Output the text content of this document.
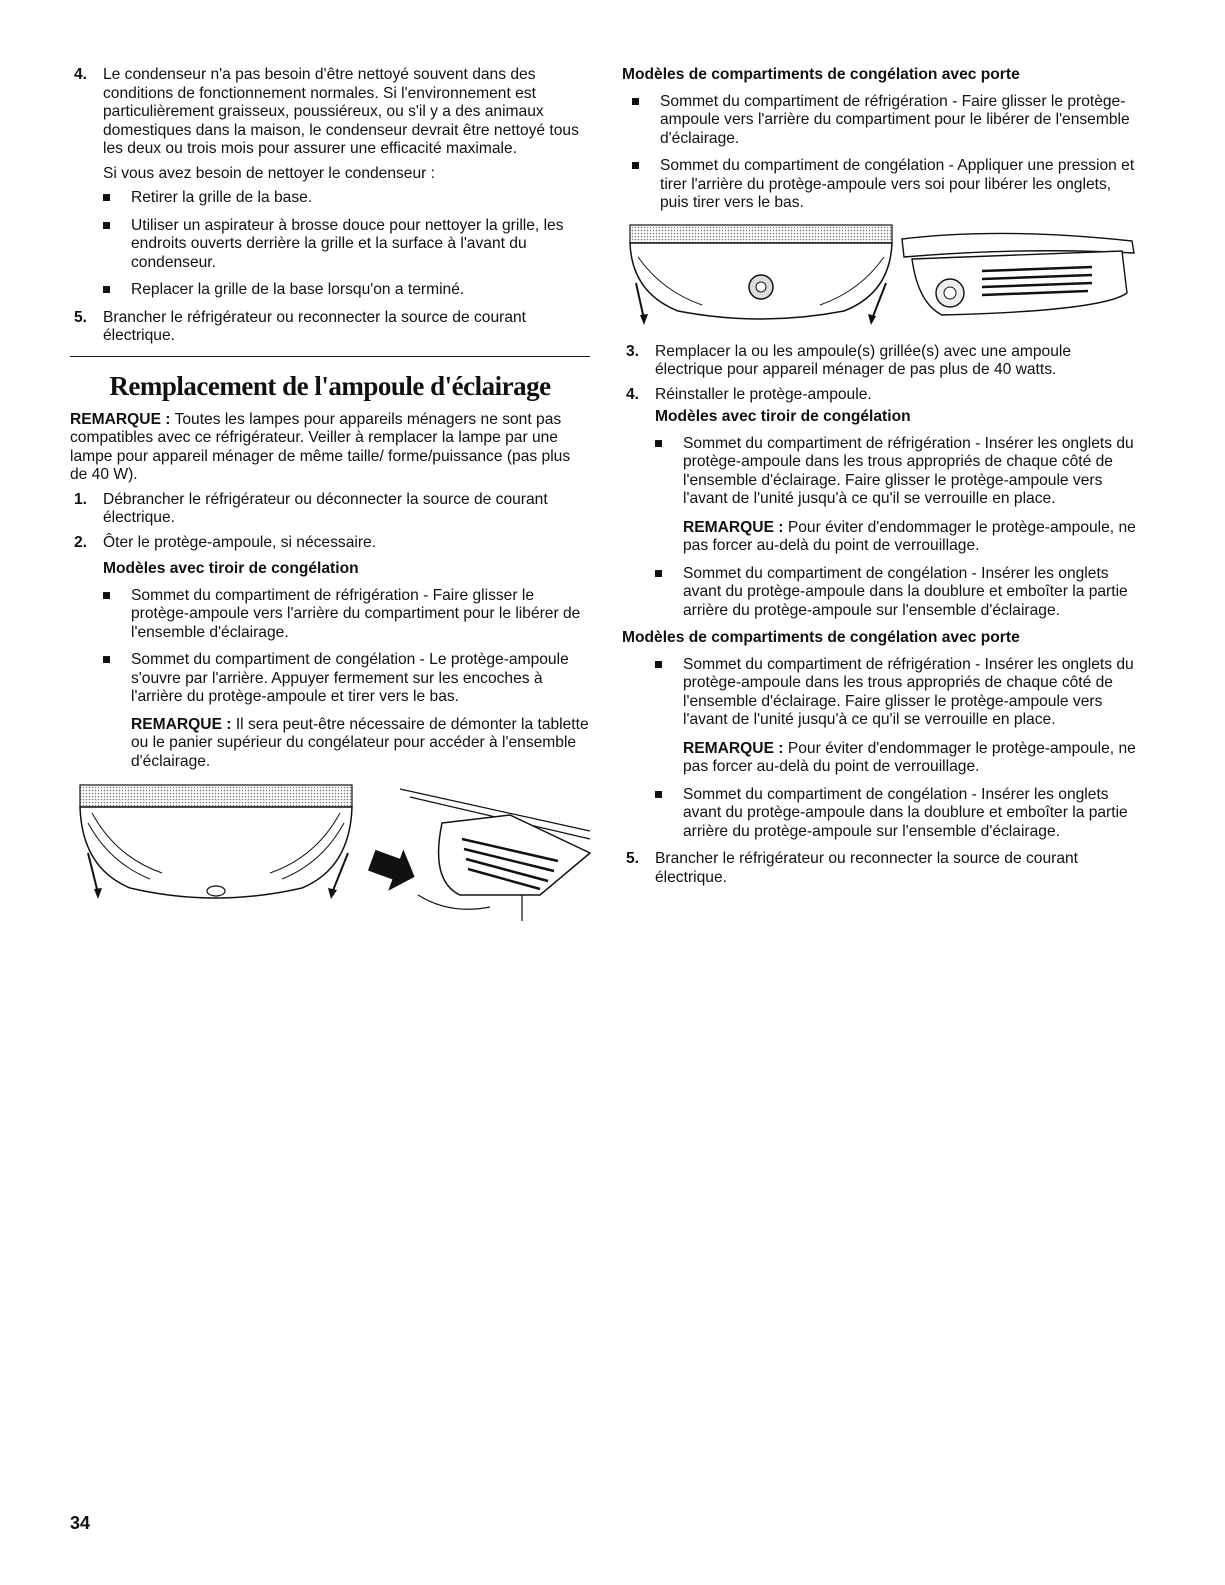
4. Le condenseur n'a pas besoin d'être nettoyé souvent dans des conditions de fonctionnement normales. Si l'environnement est particulièrement graisseux, poussiéreux, ou s'il y a des animaux domestiques dans la maison, le condenseur devrait être nettoyé tous les deux ou trois mois pour assurer une efficacité maximale.

Si vous avez besoin de nettoyer le condenseur :

Retirer la grille de la base.
Utiliser un aspirateur à brosse douce pour nettoyer la grille, les endroits ouverts derrière la grille et la surface à l'avant du condenseur.
Replacer la grille de la base lorsqu'on a terminé.
5. Brancher le réfrigérateur ou reconnecter la source de courant électrique.

Remplacement de l'ampoule d'éclairage

REMARQUE : Toutes les lampes pour appareils ménagers ne sont pas compatibles avec ce réfrigérateur. Veiller à remplacer la lampe par une lampe pour appareil ménager de même taille/ forme/puissance (pas plus de 40 W).

1. Débrancher le réfrigérateur ou déconnecter la source de courant électrique.

2. Ôter le protège-ampoule, si nécessaire.

Modèles avec tiroir de congélation

Sommet du compartiment de réfrigération - Faire glisser le protège-ampoule vers l'arrière du compartiment pour le libérer de l'ensemble d'éclairage.
Sommet du compartiment de congélation - Le protège-ampoule s'ouvre par l'arrière. Appuyer fermement sur les encoches à l'arrière du protège-ampoule et tirer vers le bas.

REMARQUE : Il sera peut-être nécessaire de démonter la tablette ou le panier supérieur du congélateur pour accéder à l'ensemble d'éclairage.

Modèles de compartiments de congélation avec porte

Sommet du compartiment de réfrigération - Faire glisser le protège-ampoule vers l'arrière du compartiment pour le libérer de l'ensemble d'éclairage.
Sommet du compartiment de congélation - Appliquer une pression et tirer l'arrière du protège-ampoule vers soi pour libérer les onglets, puis tirer vers le bas.
3. Remplacer la ou les ampoule(s) grillée(s) avec une ampoule électrique pour appareil ménager de pas plus de 40 watts.

4. Réinstaller le protège-ampoule.

Modèles avec tiroir de congélation

Sommet du compartiment de réfrigération - Insérer les onglets du protège-ampoule dans les trous appropriés de chaque côté de l'ensemble d'éclairage. Faire glisser le protège-ampoule vers l'avant de l'unité jusqu'à ce qu'il se verrouille en place.

REMARQUE : Pour éviter d'endommager le protège-ampoule, ne pas forcer au-delà du point de verrouillage.

Sommet du compartiment de congélation - Insérer les onglets avant du protège-ampoule dans la doublure et emboîter la partie arrière du protège-ampoule sur l'ensemble d'éclairage.

Modèles de compartiments de congélation avec porte

Sommet du compartiment de réfrigération - Insérer les onglets du protège-ampoule dans les trous appropriés de chaque côté de l'ensemble d'éclairage. Faire glisser le protège-ampoule vers l'avant de l'unité jusqu'à ce qu'il se verrouille en place.

REMARQUE : Pour éviter d'endommager le protège-ampoule, ne pas forcer au-delà du point de verrouillage.

Sommet du compartiment de congélation - Insérer les onglets avant du protège-ampoule dans la doublure et emboîter la partie arrière du protège-ampoule sur l'ensemble d'éclairage.
5. Brancher le réfrigérateur ou reconnecter la source de courant électrique.

34
